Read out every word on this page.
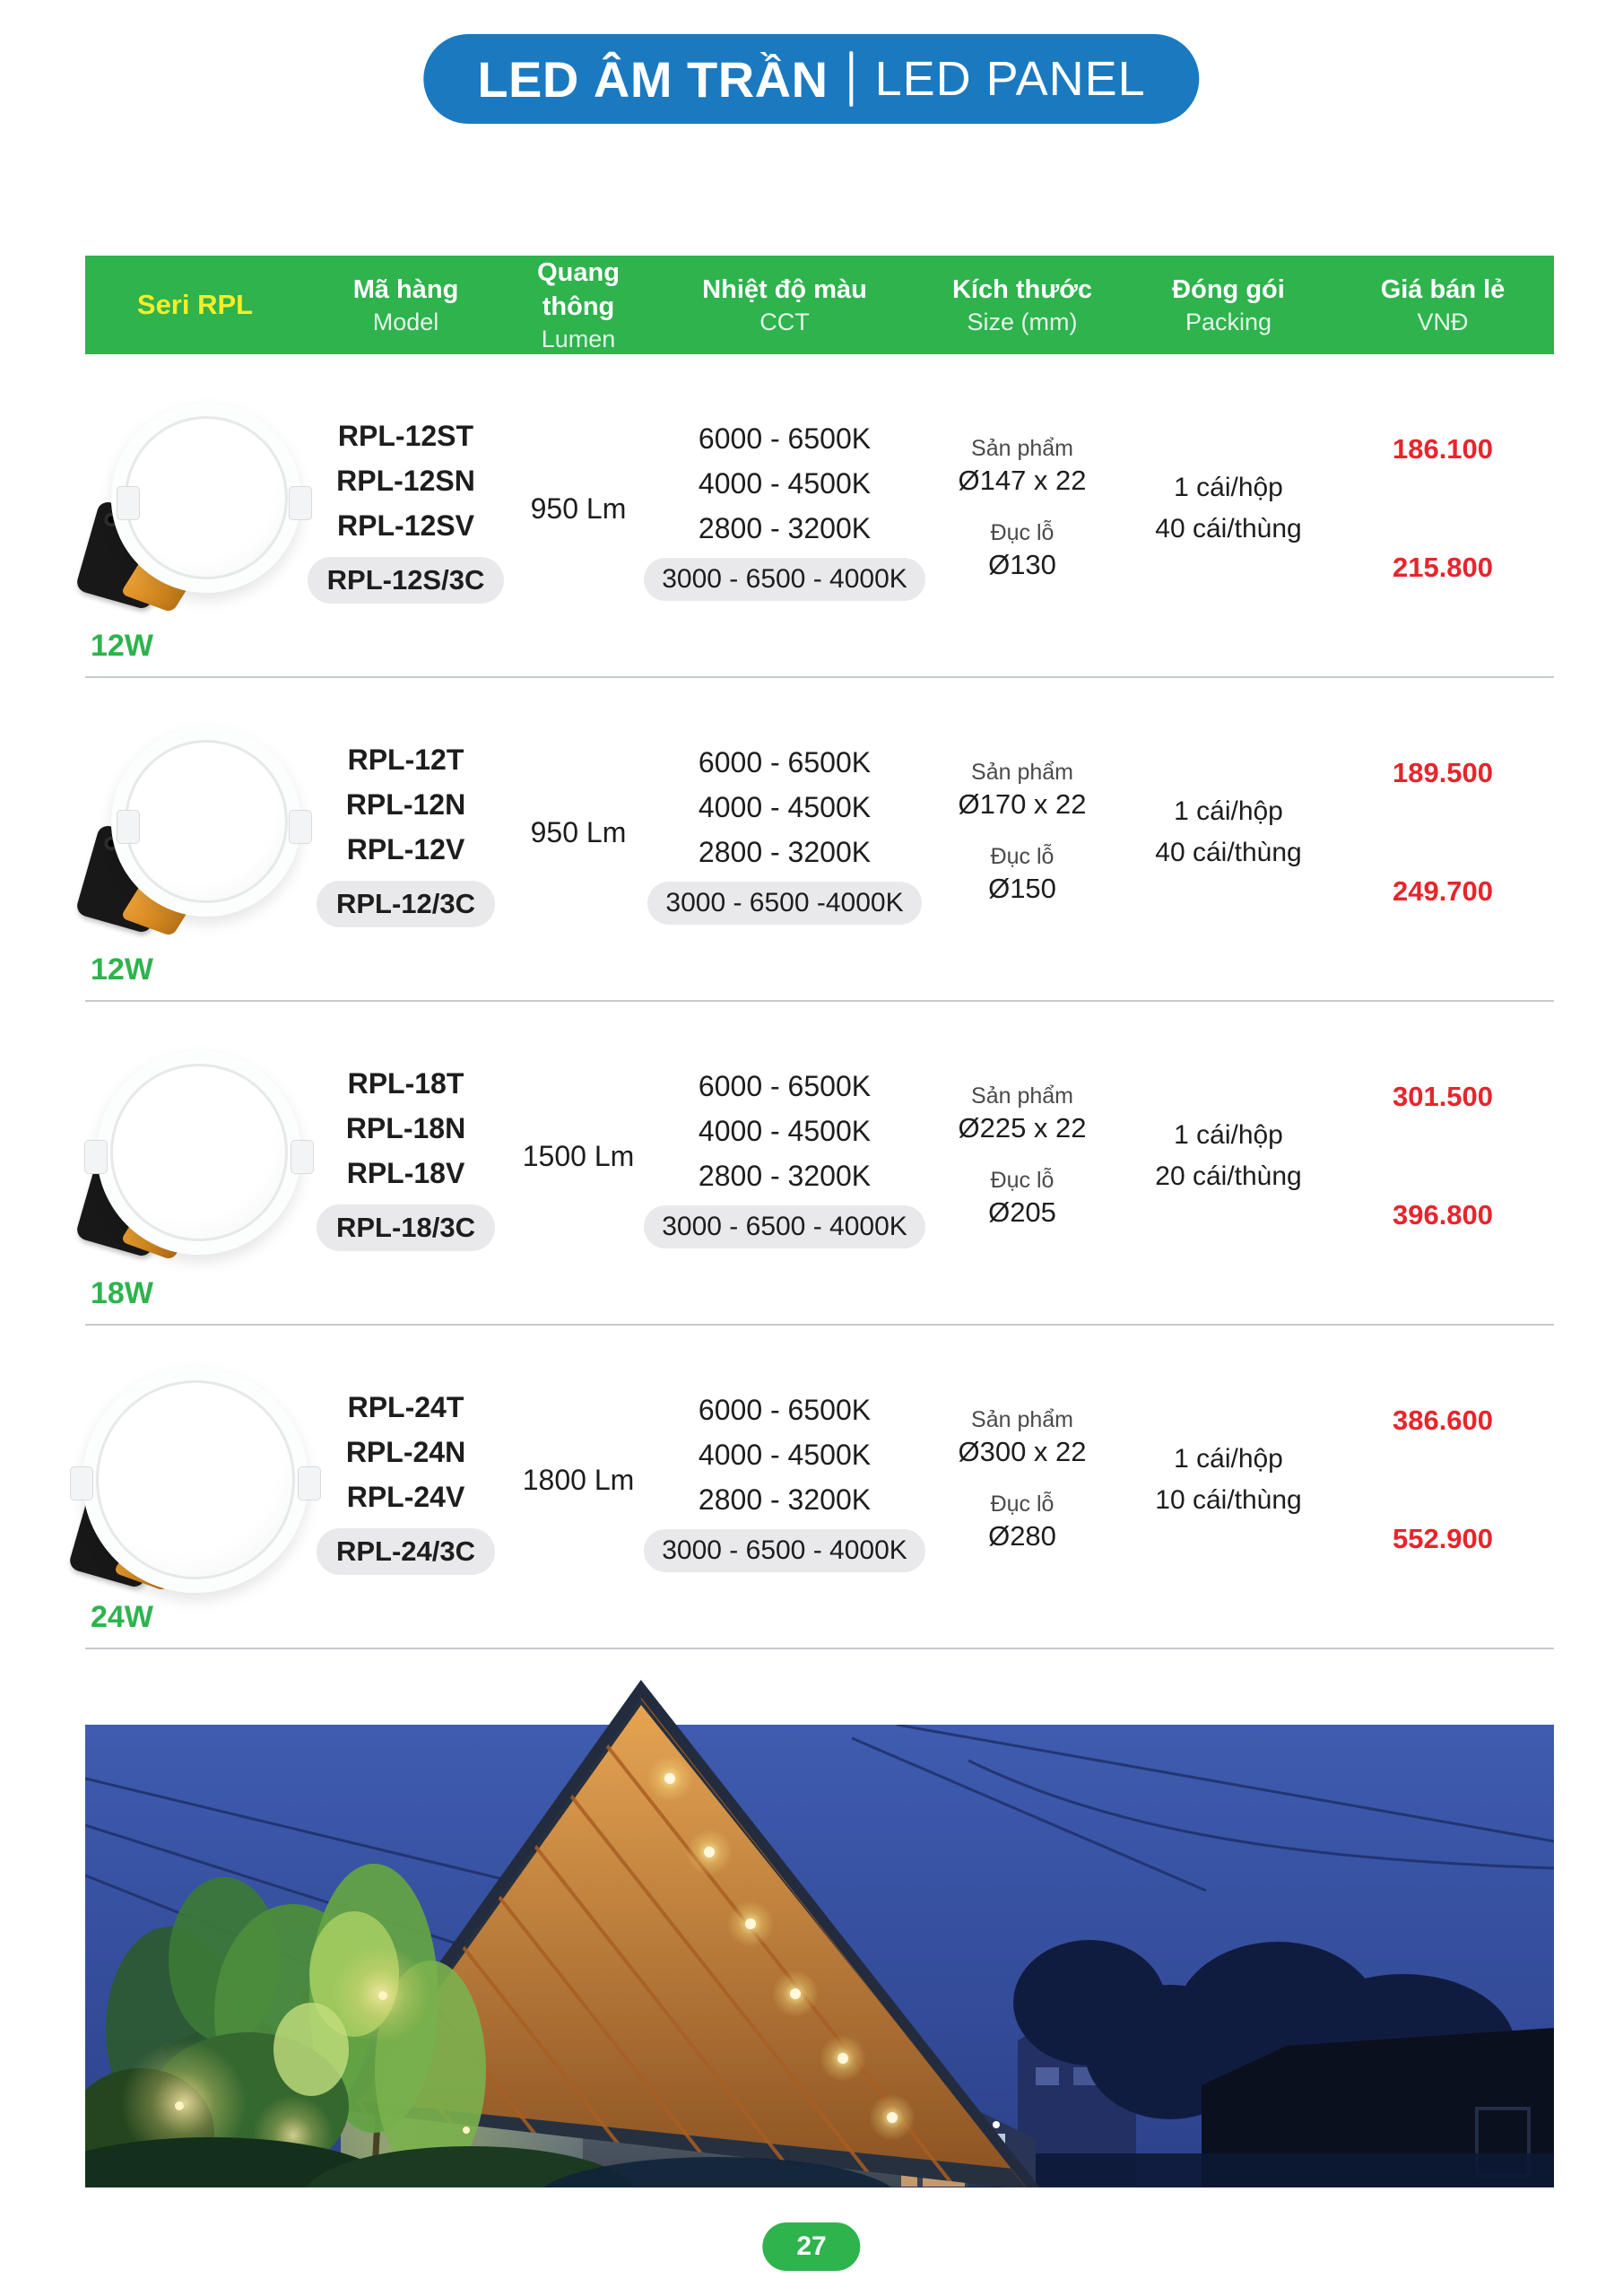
LED ÂM TRẦN LED PANEL
Seri RPL	Mã hàng
Model
Quang thông
Lumen
Nhiệt độ màu
CCT
Kích thước
Size (mm)
Đóng gói
Packing
Giá bán lẻ
VNĐ
RPL-12ST
RPL-12SN
RPL-12SV
RPL-12S/3C
950 Lm
6000 - 6500K
4000 - 4500K
2800 - 3200K
3000 - 6500 - 4000K
Sản phẩm
Ø147 x 22
Đục lỗ
Ø130
1 cái/hộp
40 cái/thùng
186.100
215.800
12W
RPL-12T
RPL-12N
RPL-12V
RPL-12/3C
950 Lm
6000 - 6500K
4000 - 4500K
2800 - 3200K
3000 - 6500 -4000K
Sản phẩm
Ø170 x 22
Đục lỗ
Ø150
1 cái/hộp
40 cái/thùng
189.500
249.700
12W
RPL-18T
RPL-18N
RPL-18V
RPL-18/3C
1500 Lm
6000 - 6500K
4000 - 4500K
2800 - 3200K
3000 - 6500 - 4000K
Sản phẩm
Ø225 x 22
Đục lỗ
Ø205
1 cái/hộp
20 cái/thùng
301.500
396.800
18W
RPL-24T
RPL-24N
RPL-24V
RPL-24/3C
1800 Lm
6000 - 6500K
4000 - 4500K
2800 - 3200K
3000 - 6500 - 4000K
Sản phẩm
Ø300 x 22
Đục lỗ
Ø280
1 cái/hộp
10 cái/thùng
386.600
552.900
24W
27
